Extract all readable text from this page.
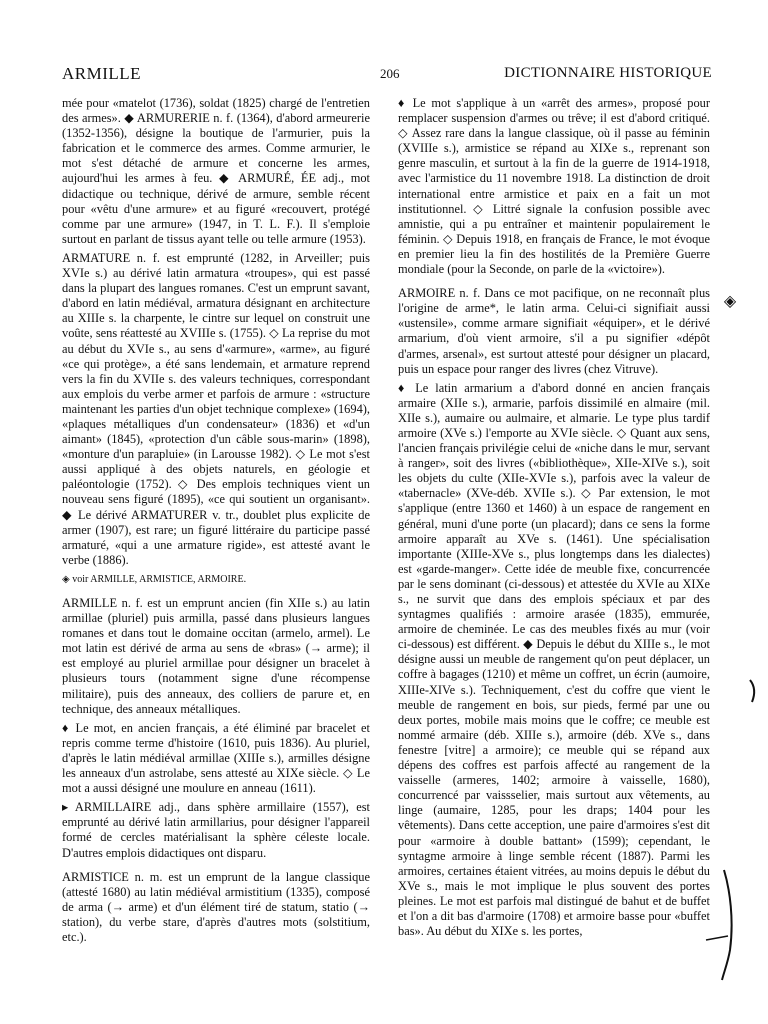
ARMILLE	206	DICTIONNAIRE HISTORIQUE

mée pour «matelot (1736), soldat (1825) chargé de l'entretien des armes». ◆ ARMURERIE n. f. (1364), d'abord armeurerie (1352-1356), désigne la boutique de l'armurier, puis la fabrication et le commerce des armes. Comme armurier, le mot s'est détaché de armure et concerne les armes, aujourd'hui les armes à feu. ◆ ARMURÉ, ÉE adj., mot didactique ou technique, dérivé de armure, semble récent pour «vêtu d'une armure» et au figuré «recouvert, protégé comme par une armure» (1947, in T. L. F.). Il s'emploie surtout en parlant de tissus ayant telle ou telle armure (1953).

ARMATURE n. f. est emprunté (1282, in Arveiller; puis XVIe s.) au dérivé latin armatura «troupes», qui est passé dans la plupart des langues romanes. C'est un emprunt savant, d'abord en latin médiéval, armatura désignant en architecture au XIIIe s. la charpente, le cintre sur lequel on construit une voûte, sens réattesté au XVIIIe s. (1755). ◇ La reprise du mot au début du XVIe s., au sens d'«armure», «arme», au figuré «ce qui protège», a été sans lendemain, et armature reprend vers la fin du XVIIe s. des valeurs techniques, correspondant aux emplois du verbe armer et parfois de armure : «structure maintenant les parties d'un objet technique complexe» (1694), «plaques métalliques d'un condensateur» (1836) et «d'un aimant» (1845), «protection d'un câble sous-marin» (1898), «monture d'un parapluie» (in Larousse 1982). ◇ Le mot s'est aussi appliqué à des objets naturels, en géologie et paléontologie (1752). ◇ Des emplois techniques vient un nouveau sens figuré (1895), «ce qui soutient un organisant». ◆ Le dérivé ARMATURER v. tr., doublet plus explicite de armer (1907), est rare; un figuré littéraire du participe passé armaturé, «qui a une armature rigide», est attesté avant le verbe (1886).

◈ voir ARMILLE, ARMISTICE, ARMOIRE.

ARMILLE n. f. est un emprunt ancien (fin XIIe s.) au latin armillae (pluriel) puis armilla, passé dans plusieurs langues romanes et dans tout le domaine occitan (armelo, armel). Le mot latin est dérivé de arma au sens de «bras» (→ arme); il est employé au pluriel armillae pour désigner un bracelet à plusieurs tours (notamment signe d'une récompense militaire), puis des anneaux, des colliers de parure et, en technique, des anneaux métalliques.

♦ Le mot, en ancien français, a été éliminé par bracelet et repris comme terme d'histoire (1610, puis 1836). Au pluriel, d'après le latin médiéval armillae (XIIIe s.), armilles désigne les anneaux d'un astrolabe, sens attesté au XIXe siècle. ◇ Le mot a aussi désigné une moulure en anneau (1611).

▸ ARMILLAIRE adj., dans sphère armillaire (1557), est emprunté au dérivé latin armillarius, pour désigner l'appareil formé de cercles matérialisant la sphère céleste locale. D'autres emplois didactiques ont disparu.

ARMISTICE n. m. est un emprunt de la langue classique (attesté 1680) au latin médiéval armistitium (1335), composé de arma (→ arme) et d'un élément tiré de statum, statio (→ station), du verbe stare, d'après d'autres mots (solstitium, etc.).

♦ Le mot s'applique à un «arrêt des armes», proposé pour remplacer suspension d'armes ou trêve; il est d'abord critiqué. ◇ Assez rare dans la langue classique, où il passe au féminin (XVIIIe s.), armistice se répand au XIXe s., reprenant son genre masculin, et surtout à la fin de la guerre de 1914-1918, avec l'armistice du 11 novembre 1918. La distinction de droit international entre armistice et paix en a fait un mot institutionnel. ◇ Littré signale la confusion possible avec amnistie, qui a pu entraîner et maintenir populairement le féminin. ◇ Depuis 1918, en français de France, le mot évoque en premier lieu la fin des hostilités de la Première Guerre mondiale (pour la Seconde, on parle de la «victoire»).

ARMOIRE n. f. Dans ce mot pacifique, on ne reconnaît plus l'origine de arme*, le latin arma. Celui-ci signifiait aussi «ustensile», comme armare signifiait «équiper», et le dérivé armarium, d'où vient armoire, s'il a pu signifier «dépôt d'armes, arsenal», est surtout attesté pour désigner un placard, puis un espace pour ranger des livres (chez Vitruve).

♦ Le latin armarium a d'abord donné en ancien français armaire (XIIe s.), armarie, parfois dissimilé en almaire (mil. XIIe s.), aumaire ou aulmaire, et almarie. Le type plus tardif armoire (XVe s.) l'emporte au XVIe siècle. ◇ Quant aux sens, l'ancien français privilégie celui de «niche dans le mur, servant à ranger», soit des livres («bibliothèque», XIIe-XIVe s.), soit les objets du culte (XIIe-XVIe s.), parfois avec la valeur de «tabernacle» (XVe-déb. XVIIe s.). ◇ Par extension, le mot s'applique (entre 1360 et 1460) à un espace de rangement en général, muni d'une porte (un placard); dans ce sens la forme armoire apparaît au XVe s. (1461). Une spécialisation importante (XIIIe-XVe s., plus longtemps dans les dialectes) est «garde-manger». Cette idée de meuble fixe, concurrencée par le sens dominant (ci-dessous) et attestée du XVIe au XIXe s., ne survit que dans des emplois spéciaux et par des syntagmes qualifiés : armoire arasée (1835), emmurée, armoire de cheminée. Le cas des meubles fixés au mur (voir ci-dessous) est différent. ◆ Depuis le début du XIIIe s., le mot désigne aussi un meuble de rangement qu'on peut déplacer, un coffre à bagages (1210) et même un coffret, un écrin (aumoire, XIIIe-XIVe s.). Techniquement, c'est du coffre que vient le meuble de rangement en bois, sur pieds, fermé par une ou deux portes, mobile mais moins que le coffre; ce meuble est nommé armaire (déb. XIIIe s.), armoire (déb. XVe s., dans fenestre [vitre] a armoire); ce meuble qui se répand aux dépens des coffres est parfois affecté au rangement de la vaisselle (armeres, 1402; armoire à vaisselle, 1680), concurrencé par vaissselier, mais surtout aux vêtements, au linge (aumaire, 1285, pour les draps; 1404 pour les vêtements). Dans cette acception, une paire d'armoires s'est dit pour «armoire à double battant» (1599); cependant, le syntagme armoire à linge semble récent (1887). Parmi les armoires, certaines étaient vitrées, au moins depuis le début du XVe s., mais le mot implique le plus souvent des portes pleines. Le mot est parfois mal distingué de bahut et de buffet et l'on a dit bas d'armoire (1708) et armoire basse pour «buffet bas». Au début du XIXe s. les portes,

◈
